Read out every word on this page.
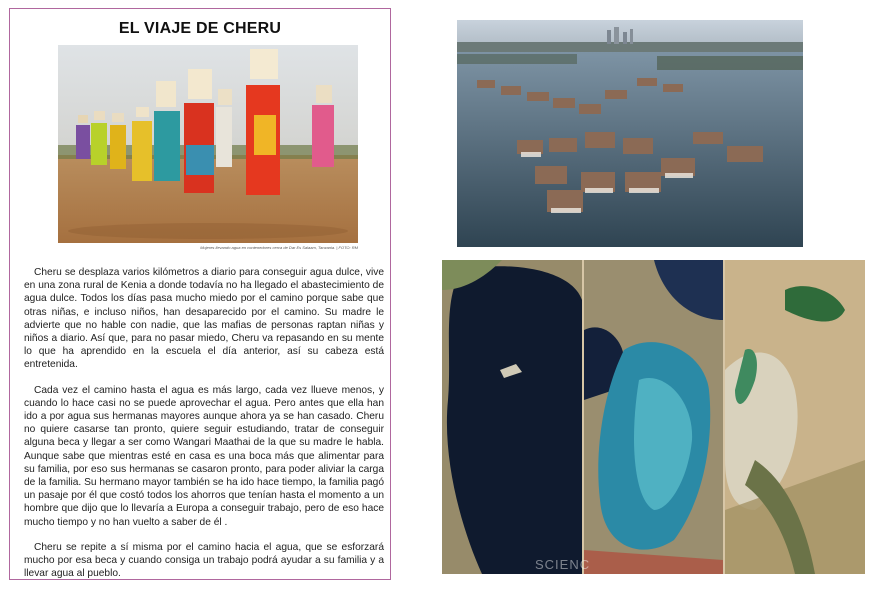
EL VIAJE DE CHERU
Mujeres llevando agua en contenedores cerca de Dar Es Salaam, Tanzania. | FOTO: RM

Cheru se desplaza varios kilómetros a diario para conseguir agua dulce, vive en una zona rural de Kenia a donde todavía no ha llegado el abastecimiento de agua dulce. Todos los días pasa mucho miedo por el camino porque sabe que otras niñas, e incluso niños, han desaparecido por el camino. Su madre le advierte que no hable con nadie, que las mafias de personas raptan niñas y niños a diario. Así que, para no pasar miedo, Cheru va repasando en su mente lo que ha aprendido en la escuela el día anterior, así su cabeza está entretenida.

Cada vez el camino hasta el agua es más largo, cada vez llueve menos, y cuando lo hace casi no se puede aprovechar el agua. Pero antes que ella han ido a por agua sus hermanas mayores aunque ahora ya se han casado. Cheru no quiere casarse tan pronto, quiere seguir estudiando, tratar de conseguir alguna beca y llegar a ser como Wangari Maathai de la que su madre le habla. Aunque sabe que mientras esté en casa es una boca más que alimentar para su familia, por eso sus hermanas se casaron pronto, para poder aliviar la carga de la familia. Su hermano mayor también se ha ido hace tiempo, la familia pagó un pasaje por él que costó todos los ahorros que tenían hasta el momento a un hombre que dijo que lo llevaría a Europa a conseguir trabajo, pero de eso hace mucho tiempo y no han vuelto a saber de él .

Cheru se repite a sí misma por el camino hacia el agua, que se esforzará mucho por esa beca y cuando consiga un trabajo podrá ayudar a su familia y a llevar agua al pueblo.

SCIENC
